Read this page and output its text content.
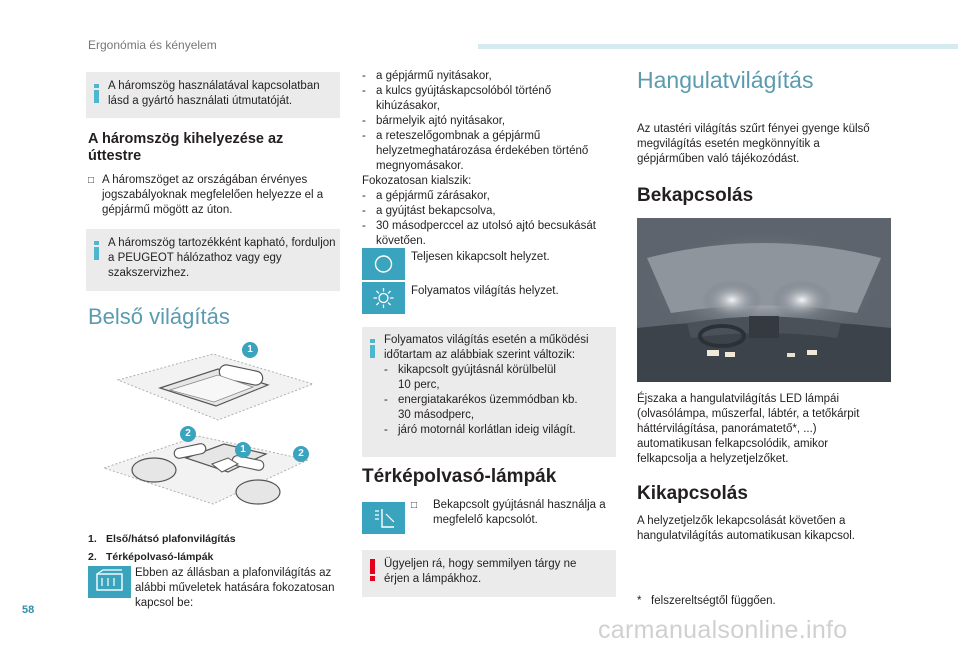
Ergonómia és kényelem
58
A háromszög használatával kapcsolatban lásd a gyártó használati útmutatóját.
A háromszög kihelyezése az úttestre
□ A háromszöget az országában érvényes jogszabályoknak megfelelően helyezze el a gépjármű mögött az úton.
A háromszög tartozékként kapható, forduljon a PEUGEOT hálózathoz vagy egy szakszervizhez.
Belső világítás
1
2
1	2
1. Első/hátsó plafonvilágítás
2. Térképolvasó-lámpák
Ebben az állásban a plafonvilágítás az alábbi műveletek hatására fokozatosan kapcsol be:
- a gépjármű nyitásakor,
- a kulcs gyújtáskapcsolóból történő kihúzásakor,
- bármelyik ajtó nyitásakor,
- a reteszelőgombnak a gépjármű helyzetmeghatározása érdekében történő megnyomásakor.
Fokozatosan kialszik:
- a gépjármű zárásakor,
- a gyújtást bekapcsolva,
- 30 másodperccel az utolsó ajtó becsukását követően.
Teljesen kikapcsolt helyzet.
Folyamatos világítás helyzet.
Folyamatos világítás esetén a működési időtartam az alábbiak szerint változik:
- kikapcsolt gyújtásnál körülbelül 10 perc,
- energiatakarékos üzemmódban kb. 30 másodperc,
- járó motornál korlátlan ideig világít.
Térképolvasó-lámpák
□	Bekapcsolt gyújtásnál használja a megfelelő kapcsolót.
Ügyeljen rá, hogy semmilyen tárgy ne érjen a lámpákhoz.
Hangulatvilágítás
Az utastéri világítás szűrt fényei gyenge külső megvilágítás esetén megkönnyítik a gépjárműben való tájékozódást.
Bekapcsolás
Éjszaka a hangulatvilágítás LED lámpái (olvasólámpa, műszerfal, lábtér, a tetőkárpit háttérvilágítása, panorámatető*, ...) automatikusan felkapcsolódik, amikor felkapcsolja a helyzetjelzőket.
Kikapcsolás
A helyzetjelzők lekapcsolását követően a hangulatvilágítás automatikusan kikapcsol.
*   felszereltségtől függően.
carmanualsonline.info
